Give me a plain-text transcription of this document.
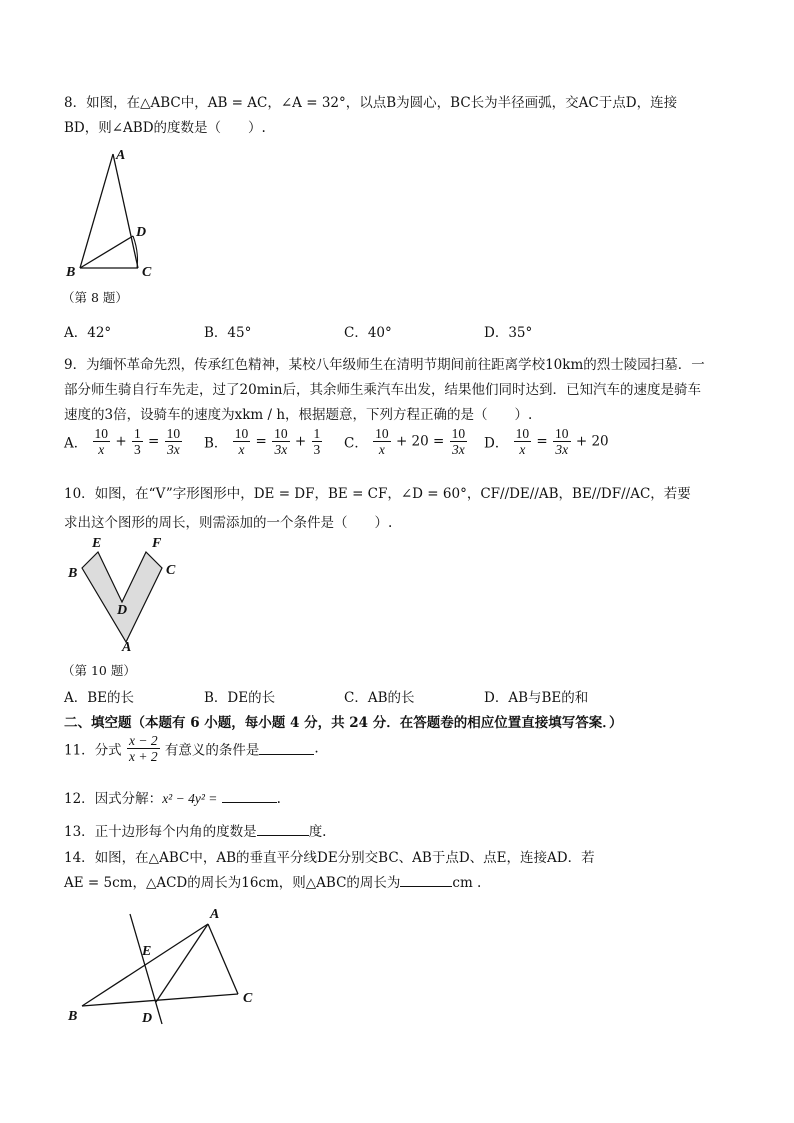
8．如图，在△ABC中，AB = AC，∠A = 32°，以点B为圆心，BC长为半径画弧，交AC于点D，连接
BD，则∠ABD的度数是（　　）.
A
B	C
D
（第 8 题）
A．42°	B．45°	C．40°	D．35°
9．为缅怀革命先烈，传承红色精神，某校八年级师生在清明节期间前往距离学校10km的烈士陵园扫墓．一
部分师生骑自行车先走，过了20min后，其余师生乘汽车出发，结果他们同时达到．已知汽车的速度是骑车
速度的3倍，设骑车的速度为xkm / h，根据题意，下列方程正确的是（　　）.
A． $\frac{10}{x} + \frac{1}{3} = \frac{10}{3x}$ B． $\frac{10}{x} = \frac{10}{3x} + \frac{1}{3}$ C． $\frac{10}{x} + 20 = \frac{10}{3x}$ D． $\frac{10}{x} = \frac{10}{3x} + 20$
10．如图，在“V”字形图形中，DE = DF，BE = CF，∠D = 60°，CF//DE//AB，BE//DF//AC，若要
求出这个图形的周长，则需添加的一个条件是（　　）.
E	F
B	C
D
A
（第 10 题）
A．BE的长	B．DE的长	C．AB的长	D．AB与BE的和
二、填空题（本题有 6 小题，每小题 4 分，共 24 分．在答题卷的相应位置直接填写答案．）
11．分式 $\frac{x - 2}{x + 2}$ 有意义的条件是	.
12．因式分解：x² − 4y² =	.
13．正十边形每个内角的度数是	度.
14．如图，在△ABC中，AB的垂直平分线DE分别交BC、AB于点D、点E，连接AD．若
AE = 5cm，△ACD的周长为16cm，则△ABC的周长为	cm .
A
B
C
D
E
